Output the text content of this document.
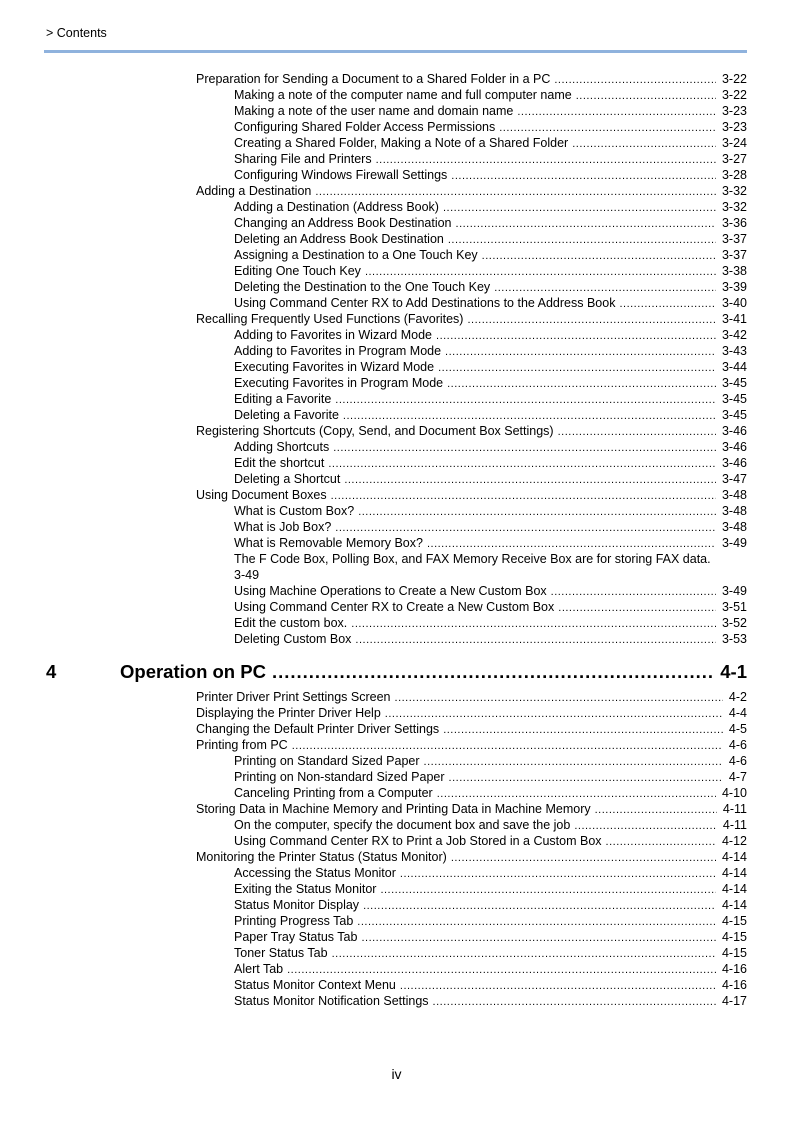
> Contents
Preparation for Sending a Document to a Shared Folder in a PC .....	3-22
Making a note of the computer name and full computer name .....	3-22
Making a note of the user name and domain name .....	3-23
Configuring Shared Folder Access Permissions .....	3-23
Creating a Shared Folder, Making a Note of a Shared Folder .....	3-24
Sharing File and Printers .....	3-27
Configuring Windows Firewall Settings .....	3-28
Adding a Destination .....	3-32
Adding a Destination (Address Book) .....	3-32
Changing an Address Book Destination .....	3-36
Deleting an Address Book Destination .....	3-37
Assigning a Destination to a One Touch Key .....	3-37
Editing One Touch Key .....	3-38
Deleting the Destination to the One Touch Key .....	3-39
Using Command Center RX to Add Destinations to the Address Book .....	3-40
Recalling Frequently Used Functions (Favorites) .....	3-41
Adding to Favorites in Wizard Mode .....	3-42
Adding to Favorites in Program Mode .....	3-43
Executing Favorites in Wizard Mode .....	3-44
Executing Favorites in Program Mode .....	3-45
Editing a Favorite .....	3-45
Deleting a Favorite .....	3-45
Registering Shortcuts (Copy, Send, and Document Box Settings) .....	3-46
Adding Shortcuts .....	3-46
Edit the shortcut .....	3-46
Deleting a Shortcut .....	3-47
Using Document Boxes .....	3-48
What is Custom Box? .....	3-48
What is Job Box? .....	3-48
What is Removable Memory Box? .....	3-49
The F Code Box, Polling Box, and FAX Memory Receive Box are for storing FAX data.
3-49
Using Machine Operations to Create a New Custom Box .....	3-49
Using Command Center RX to Create a New Custom Box .....	3-51
Edit the custom box. .....	3-52
Deleting Custom Box .....	3-53
4	Operation on PC .....	4-1
Printer Driver Print Settings Screen .....	4-2
Displaying the Printer Driver Help .....	4-4
Changing the Default Printer Driver Settings .....	4-5
Printing from PC .....	4-6
Printing on Standard Sized Paper .....	4-6
Printing on Non-standard Sized Paper .....	4-7
Canceling Printing from a Computer .....	4-10
Storing Data in Machine Memory and Printing Data in Machine Memory .....	4-11
On the computer, specify the document box and save the job .....	4-11
Using Command Center RX to Print a Job Stored in a Custom Box .....	4-12
Monitoring the Printer Status (Status Monitor) .....	4-14
Accessing the Status Monitor .....	4-14
Exiting the Status Monitor .....	4-14
Status Monitor Display .....	4-14
Printing Progress Tab .....	4-15
Paper Tray Status Tab .....	4-15
Toner Status Tab .....	4-15
Alert Tab .....	4-16
Status Monitor Context Menu .....	4-16
Status Monitor Notification Settings .....	4-17
iv
